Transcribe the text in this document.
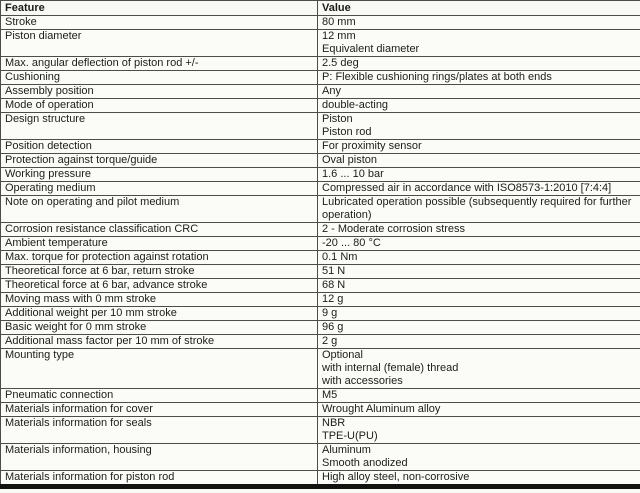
Feature	Value
Stroke	80 mm

Piston diameter	12 mm
Equivalent diameter

Max. angular deflection of piston rod +/-	2.5 deg

Cushioning	P: Flexible cushioning rings/plates at both ends

Assembly position	Any

Mode of operation	double-acting

Design structure	Piston
Piston rod

Position detection	For proximity sensor

Protection against torque/guide	Oval piston

Working pressure	1.6 ... 10 bar

Operating medium	Compressed air in accordance with ISO8573-1:2010 [7:4:4]

Note on operating and pilot medium	Lubricated operation possible (subsequently required for further
operation)

Corrosion resistance classification CRC	2 - Moderate corrosion stress

Ambient temperature	-20 ... 80 °C

Max. torque for protection against rotation	0.1 Nm

Theoretical force at 6 bar, return stroke	51 N

Theoretical force at 6 bar, advance stroke	68 N

Moving mass with 0 mm stroke	12 g

Additional weight per 10 mm stroke	9 g

Basic weight for 0 mm stroke	96 g

Additional mass factor per 10 mm of stroke	2 g

Mounting type	Optional
with internal (female) thread
with accessories

Pneumatic connection	M5

Materials information for cover	Wrought Aluminum alloy

Materials information for seals	NBR
TPE-U(PU)

Materials information, housing	Aluminum
Smooth anodized

Materials information for piston rod	High alloy steel, non-corrosive
